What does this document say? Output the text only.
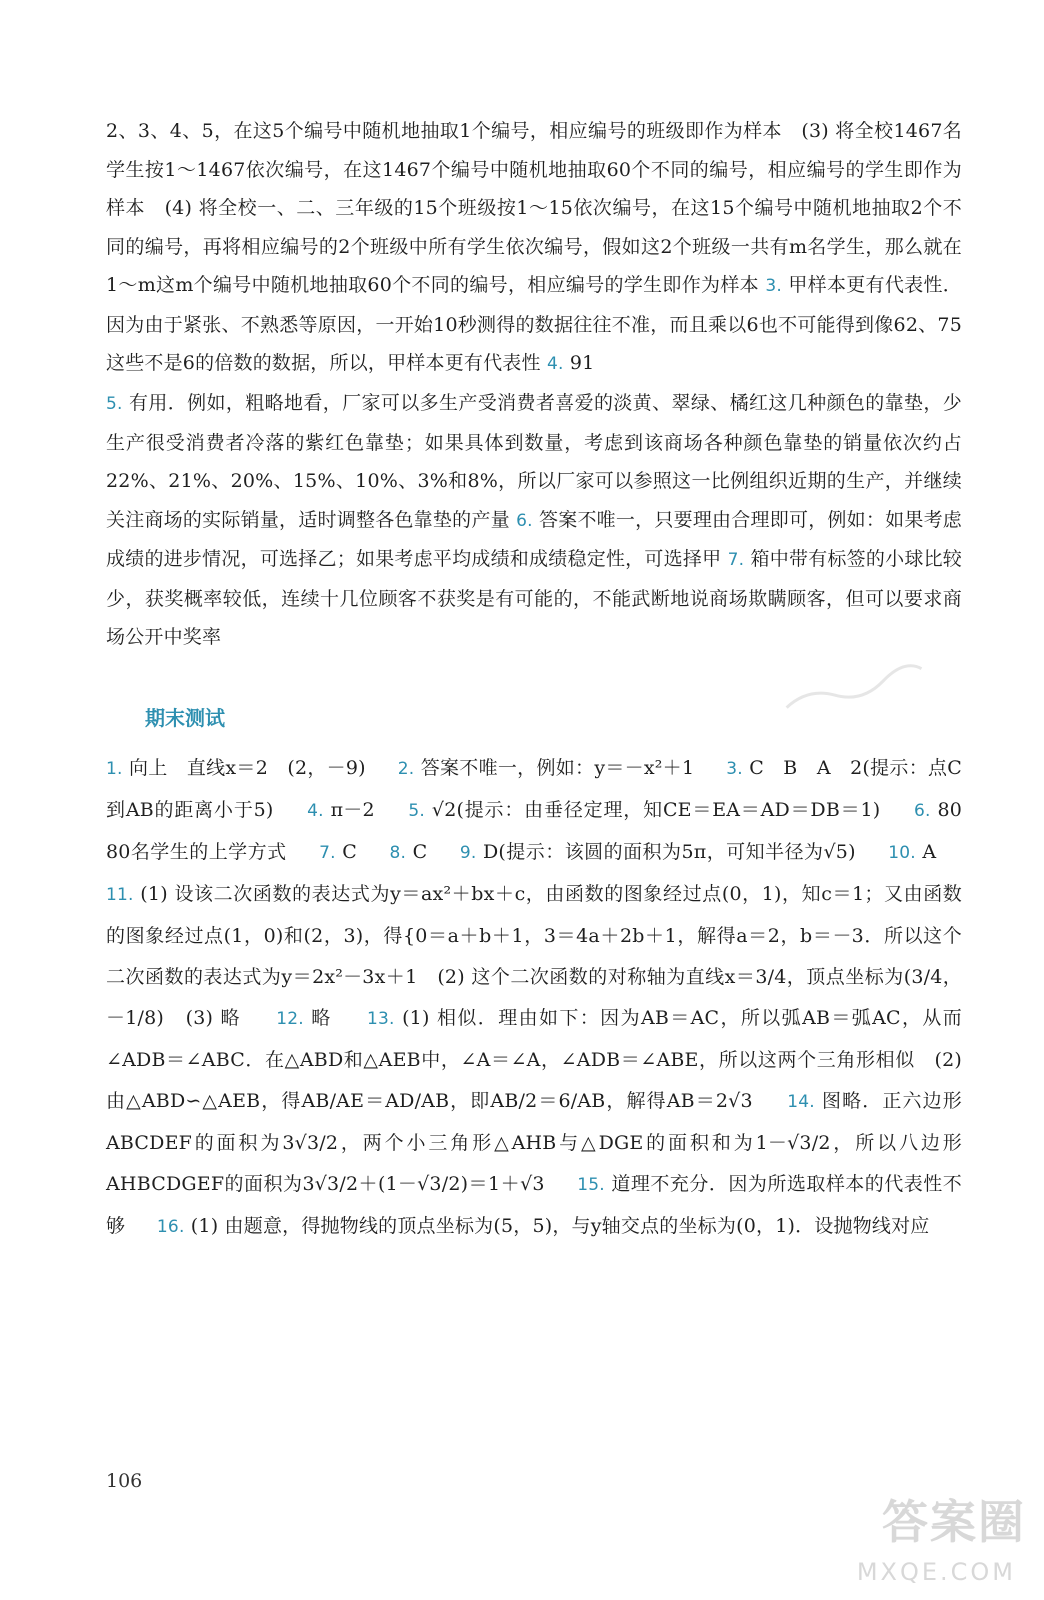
2、3、4、5，在这5个编号中随机地抽取1个编号，相应编号的班级即作为样本　(3) 将全校1467名学生按1～1467依次编号，在这1467个编号中随机地抽取60个不同的编号，相应编号的学生即作为样本　(4) 将全校一、二、三年级的15个班级按1～15依次编号，在这15个编号中随机地抽取2个不同的编号，再将相应编号的2个班级中所有学生依次编号，假如这2个班级一共有m名学生，那么就在1～m这m个编号中随机地抽取60个不同的编号，相应编号的学生即作为样本 3. 甲样本更有代表性．因为由于紧张、不熟悉等原因，一开始10秒测得的数据往往不准，而且乘以6也不可能得到像62、75这些不是6的倍数的数据，所以，甲样本更有代表性 4. 91

5. 有用．例如，粗略地看，厂家可以多生产受消费者喜爱的淡黄、翠绿、橘红这几种颜色的靠垫，少生产很受消费者冷落的紫红色靠垫；如果具体到数量，考虑到该商场各种颜色靠垫的销量依次约占22%、21%、20%、15%、10%、3%和8%，所以厂家可以参照这一比例组织近期的生产，并继续关注商场的实际销量，适时调整各色靠垫的产量 6. 答案不唯一，只要理由合理即可，例如：如果考虑成绩的进步情况，可选择乙；如果考虑平均成绩和成绩稳定性，可选择甲 7. 箱中带有标签的小球比较少，获奖概率较低，连续十几位顾客不获奖是有可能的，不能武断地说商场欺瞒顾客，但可以要求商场公开中奖率

期末测试

1. 向上　直线x＝2　(2，－9) 　 2. 答案不唯一，例如：y＝－x²＋1 　 3. C　B　A　2(提示：点C到AB的距离小于5) 　 4. π－2 　 5. √2(提示：由垂径定理，知CE＝EA＝AD＝DB＝1) 　 6. 80　80名学生的上学方式 　 7. C 　 8. C 　 9. D(提示：该圆的面积为5π，可知半径为√5) 　 10. A 　 11. (1) 设该二次函数的表达式为y＝ax²＋bx＋c，由函数的图象经过点(0，1)，知c＝1；又由函数的图象经过点(1，0)和(2，3)，得{0＝a＋b＋1，3＝4a＋2b＋1，解得a＝2，b＝－3．所以这个二次函数的表达式为y＝2x²－3x＋1　(2) 这个二次函数的对称轴为直线x＝3/4，顶点坐标为(3/4，－1/8)　(3) 略 　 12. 略 　 13. (1) 相似．理由如下：因为AB＝AC，所以弧AB＝弧AC，从而∠ADB＝∠ABC．在△ABD和△AEB中，∠A＝∠A，∠ADB＝∠ABE，所以这两个三角形相似　(2) 由△ABD∽△AEB，得AB/AE＝AD/AB，即AB/2＝6/AB，解得AB＝2√3 　 14. 图略．正六边形ABCDEF的面积为3√3/2，两个小三角形△AHB与△DGE的面积和为1－√3/2，所以八边形AHBCDGEF的面积为3√3/2＋(1－√3/2)＝1＋√3 　 15. 道理不充分．因为所选取样本的代表性不够 　 16. (1) 由题意，得抛物线的顶点坐标为(5，5)，与y轴交点的坐标为(0，1)．设抛物线对应 　

106
答案圈
MXQE.COM
